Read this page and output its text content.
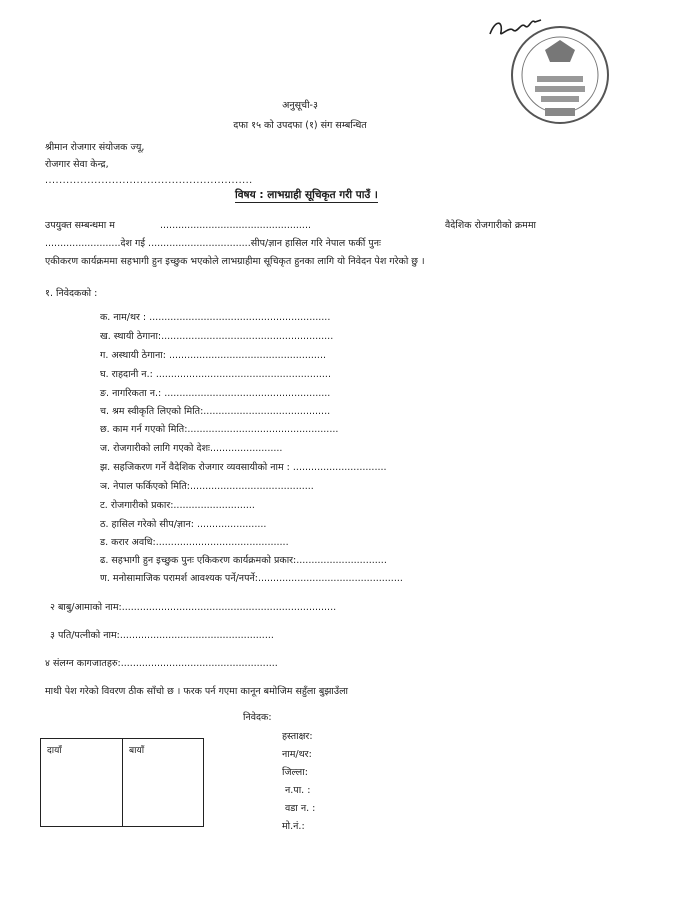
अनुसूची-३
दफा १५ को उपदफा (१) संग सम्बन्धित
श्रीमान रोजगार संयोजक ज्यू,
रोजगार सेवा केन्द्र,
...........................................................
विषय : लाभग्राही सूचिकृत गरी पाउँ ।
उपयुक्त सम्बन्धमा म	..................................................	वैदेशिक रोजगारीको क्रममा
.........................देश गई ..................................सीप/ज्ञान हासिल गरि नेपाल फर्की पुनः
एकीकरण कार्यक्रममा सहभागी हुन इच्छुक भएकोले लाभग्राहीमा सूचिकृत हुनका लागि यो निवेदन पेश गरेको छु ।
१. निवेदकको :
क. नाम/थर : ............................................................
ख. स्थायी ठेगाना:.........................................................
ग. अस्थायी ठेगाना: ....................................................
घ. राहदानी न.: ..........................................................
ङ. नागरिकता न.: .......................................................
च. श्रम स्वीकृति लिएको मिति:..........................................
छ. काम गर्न गएको मिति:..................................................
ज. रोजगारीको लागि गएको देशः........................
झ. सहजिकरण गर्ने वैदेशिक रोजगार व्यवसायीको नाम : ...............................
ञ. नेपाल फर्किएको मिति:.........................................
ट. रोजगारीको प्रकार:...........................
ठ. हासिल गरेको सीप/ज्ञान: .......................
ड. करार अवधि:............................................
ढ. सहभागी हुन इच्छुक पुनः एकिकरण कार्यक्रमको प्रकार:..............................
ण. मनोसामाजिक परामर्श आवश्यक पर्ने/नपर्ने:................................................
२ बाबु/आमाको नाम:.......................................................................
३ पति/पत्नीको नाम:...................................................
४ संलग्न कागजातहरु:....................................................
माथी पेश गरेको विवरण ठीक साँचो छ । फरक पर्न गएमा कानून बमोजिम सहुँला बुझाउँला
निवेदक:
हस्ताक्षर:
नाम/थर:
जिल्ला:
न.पा. :
वडा न. :
मो.नं.:
दायाँ	बायाँ
